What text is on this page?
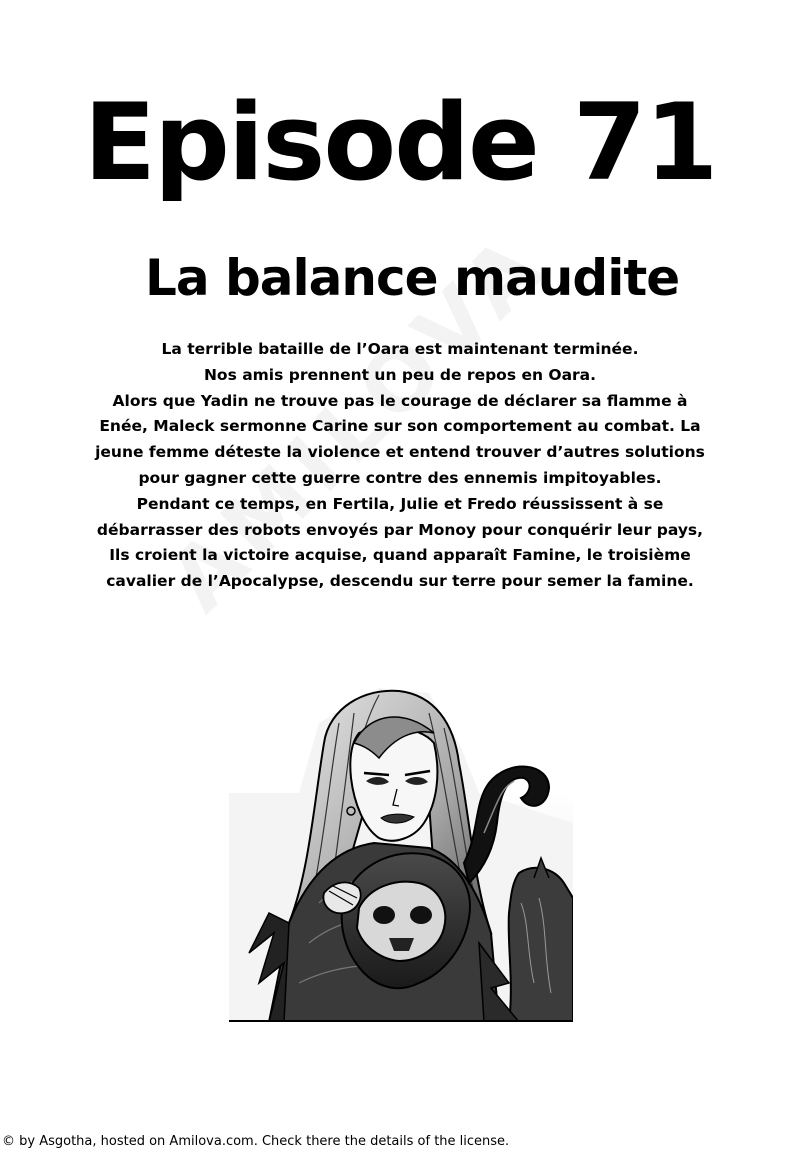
Episode 71
La balance maudite
La terrible bataille de l’Oara est maintenant terminée.
Nos amis prennent un peu de repos en Oara.
Alors que Yadin ne trouve pas le courage de déclarer sa flamme à
Enée, Maleck sermonne Carine sur son comportement au combat. La
jeune femme déteste la violence et entend trouver d’autres solutions
pour gagner cette guerre contre des ennemis impitoyables.
Pendant ce temps, en Fertila, Julie et Fredo réussissent à se
débarrasser des robots envoyés par Monoy pour conquérir leur pays,
Ils croient la victoire acquise, quand apparaît Famine, le troisième
cavalier de l’Apocalypse, descendu sur terre pour semer la famine.

© by Asgotha, hosted on Amilova.com. Check there the details of the license.
